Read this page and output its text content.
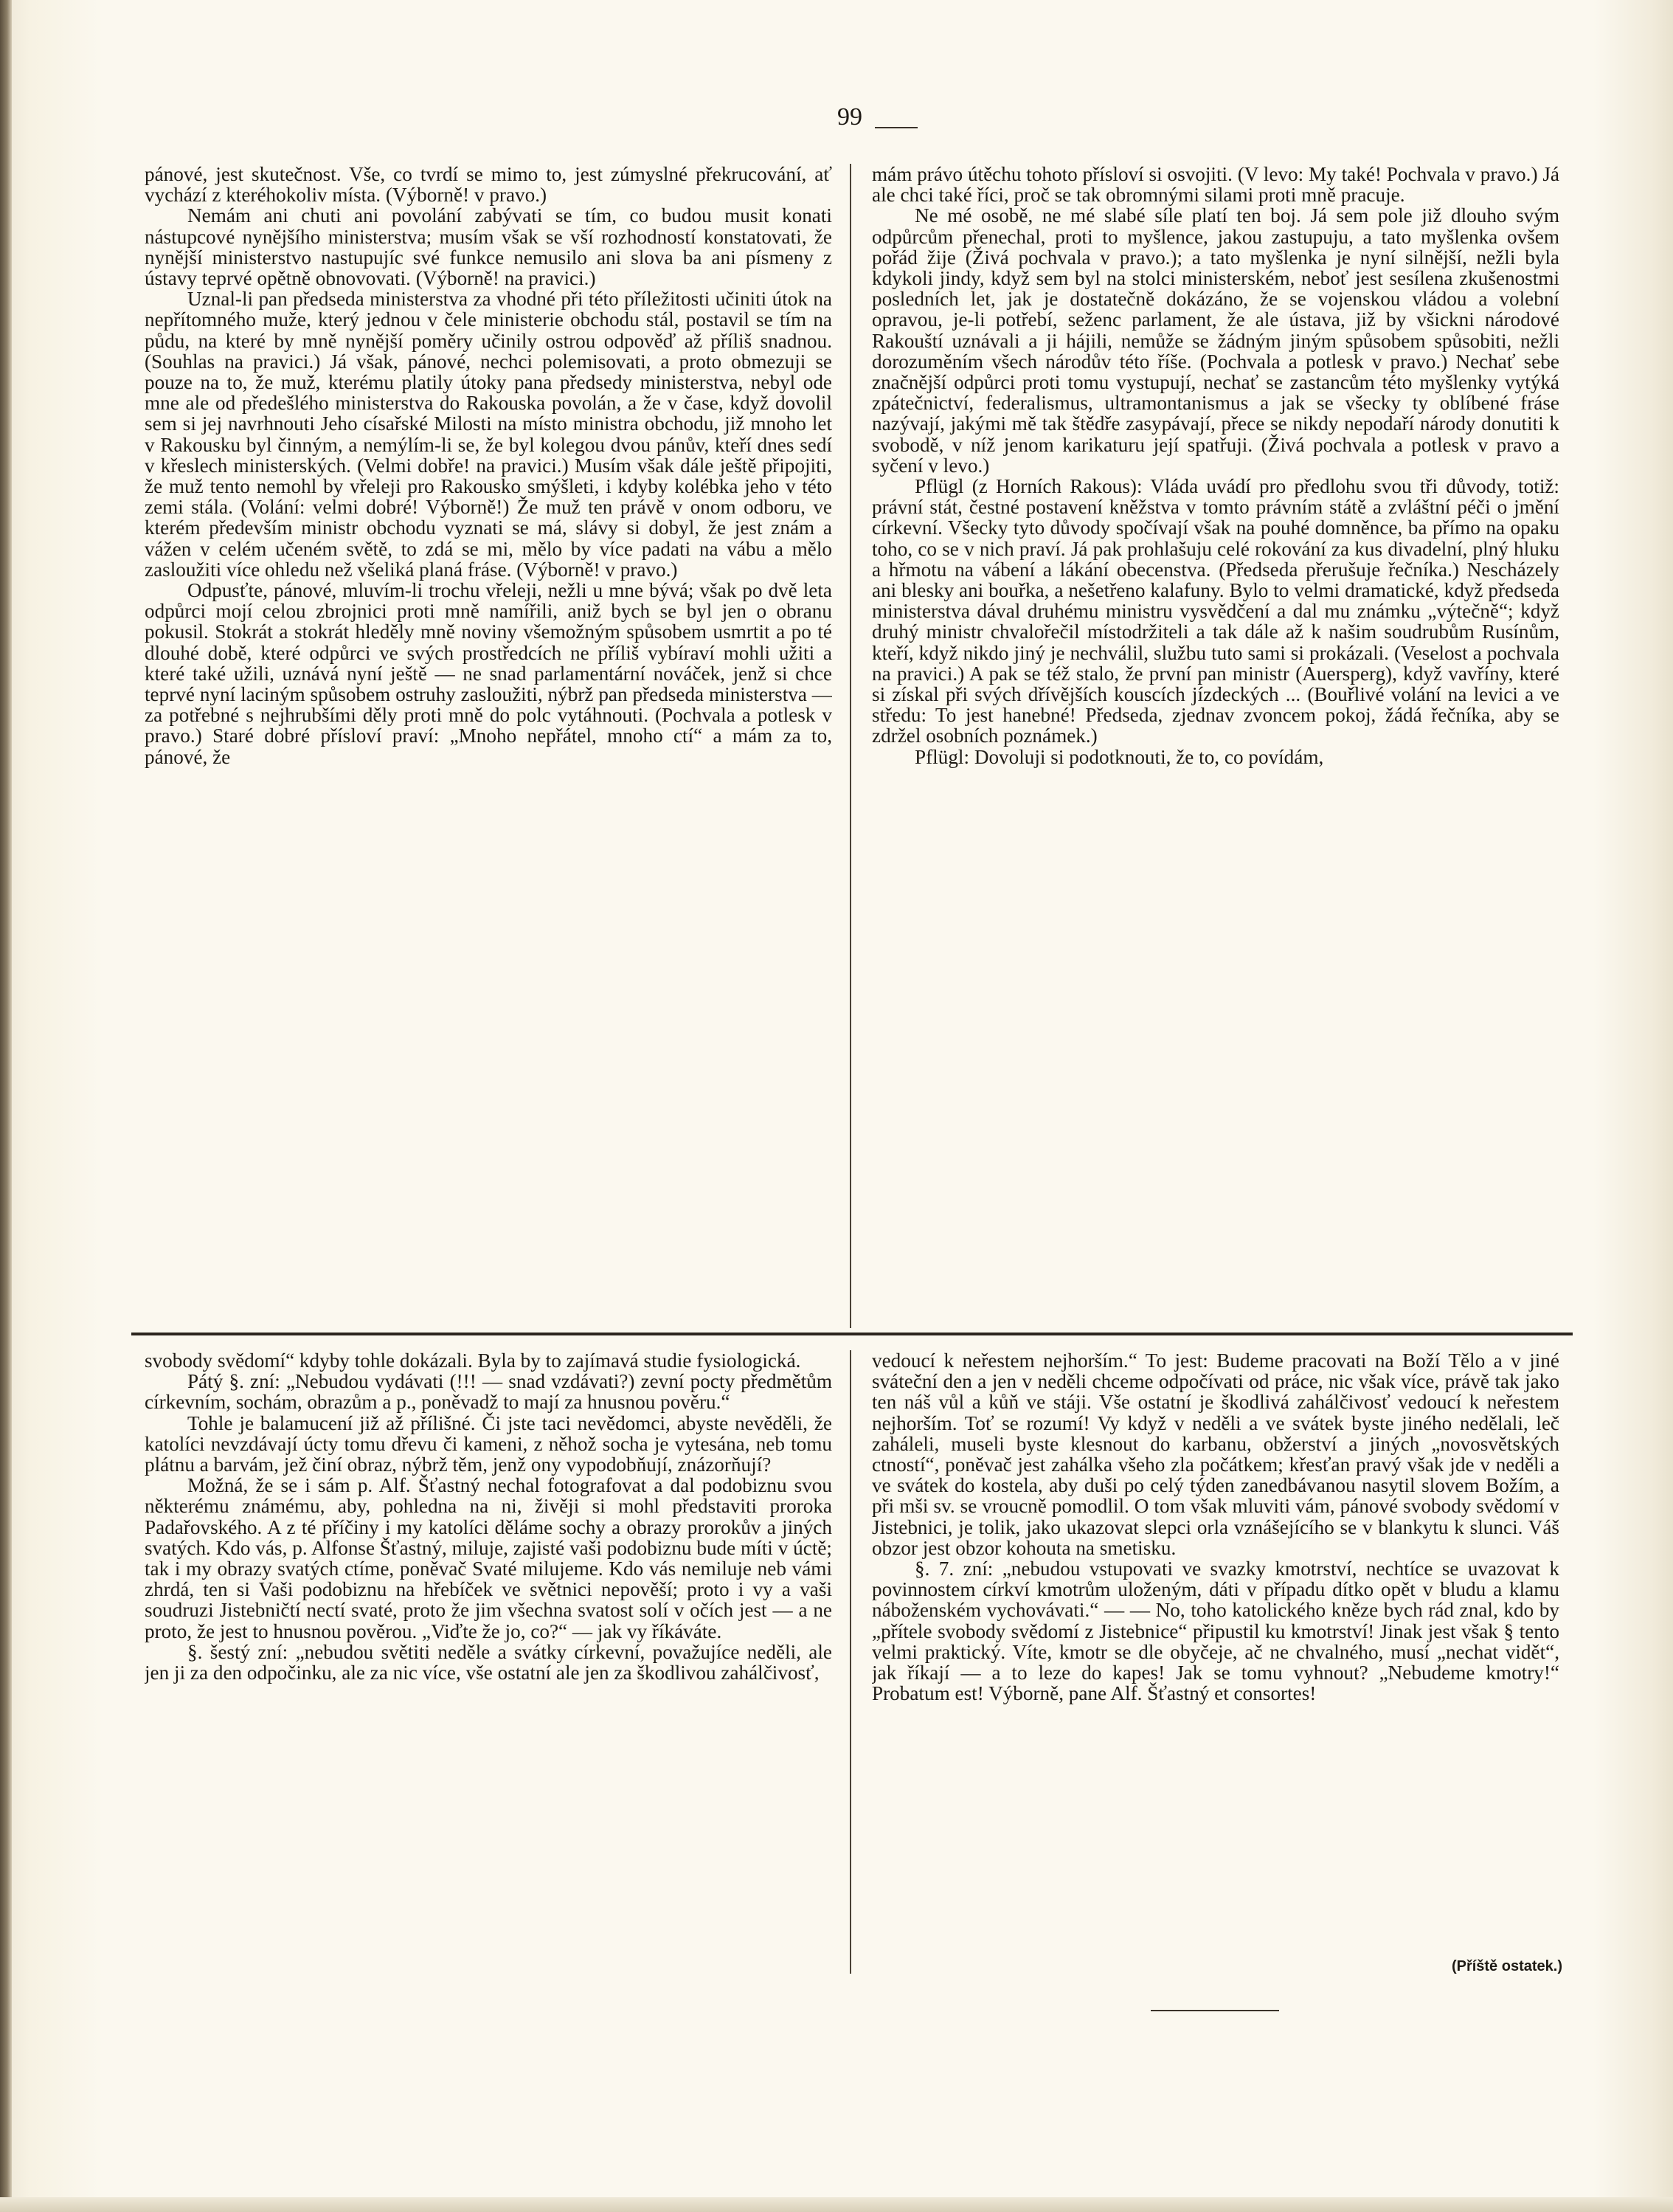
99

pánové, jest skutečnost. Vše, co tvrdí se mimo to, jest zúmyslné překrucování, ať vychází z kteréhokoliv místa. (Výborně! v pravo.)

Nemám ani chuti ani povolání zabývati se tím, co budou musit konati nástupcové nynějšího ministerstva; musím však se vší rozhodností konstatovati, že nynější ministerstvo nastupujíc své funkce nemusilo ani slova ba ani písmeny z ústavy teprvé opětně obnovovati. (Výborně! na pravici.)

Uznal-li pan předseda ministerstva za vhodné při této příležitosti učiniti útok na nepřítomného muže, který jednou v čele ministerie obchodu stál, postavil se tím na půdu, na které by mně nynější poměry učinily ostrou odpověď až příliš snadnou. (Souhlas na pravici.) Já však, pánové, nechci polemisovati, a proto obmezuji se pouze na to, že muž, kterému platily útoky pana předsedy ministerstva, nebyl ode mne ale od předešlého ministerstva do Rakouska povolán, a že v čase, když dovolil sem si jej navrhnouti Jeho císařské Milosti na místo ministra obchodu, již mnoho let v Rakousku byl činným, a nemýlím-li se, že byl kolegou dvou pánův, kteří dnes sedí v křeslech ministerských. (Velmi dobře! na pravici.) Musím však dále ještě připojiti, že muž tento nemohl by vřeleji pro Rakousko smýšleti, i kdyby kolébka jeho v této zemi stála. (Volání: velmi dobré! Výborně!) Že muž ten právě v onom odboru, ve kterém především ministr obchodu vyznati se má, slávy si dobyl, že jest znám a vážen v celém učeném světě, to zdá se mi, mělo by více padati na vábu a mělo zasloužiti více ohledu než všeliká planá fráse. (Výborně! v pravo.)

Odpusťte, pánové, mluvím-li trochu vřeleji, nežli u mne bývá; však po dvě leta odpůrci mojí celou zbrojnici proti mně namířili, aniž bych se byl jen o obranu pokusil. Stokrát a stokrát hleděly mně noviny všemožným spůsobem usmrtit a po té dlouhé době, které odpůrci ve svých prostředcích ne příliš vybíraví mohli užiti a které také užili, uznává nyní ještě — ne snad parlamentární nováček, jenž si chce teprvé nyní laciným spůsobem ostruhy zasloužiti, nýbrž pan předseda ministerstva — za potřebné s nejhrubšími děly proti mně do polc vytáhnouti. (Pochvala a potlesk v pravo.) Staré dobré přísloví praví: „Mnoho nepřátel, mnoho ctí“ a mám za to, pánové, že

mám právo útěchu tohoto přísloví si osvojiti. (V levo: My také! Pochvala v pravo.) Já ale chci také říci, proč se tak obromnými silami proti mně pracuje.

Ne mé osobě, ne mé slabé síle platí ten boj. Já sem pole již dlouho svým odpůrcům přenechal, proti to myšlence, jakou zastupuju, a tato myšlenka ovšem pořád žije (Živá pochvala v pravo.); a tato myšlenka je nyní silnější, nežli byla kdykoli jindy, když sem byl na stolci ministerském, neboť jest sesílena zkušenostmi posledních let, jak je dostatečně dokázáno, že se vojenskou vládou a volební opravou, je-li potřebí, seženc parlament, že ale ústava, již by všickni národové Rakouští uznávali a ji hájili, nemůže se žádným jiným spůsobem spůsobiti, nežli dorozuměním všech národův této říše. (Pochvala a potlesk v pravo.) Nechať sebe značnější odpůrci proti tomu vystupují, nechať se zastancům této myšlenky vytýká zpátečnictví, federalismus, ultramontanismus a jak se všecky ty oblíbené fráse nazývají, jakými mě tak štědře zasypávají, přece se nikdy nepodaří národy donutiti k svobodě, v níž jenom karikaturu její spatřuji. (Živá pochvala a potlesk v pravo a syčení v levo.)

Pflügl (z Horních Rakous): Vláda uvádí pro předlohu svou tři důvody, totiž: právní stát, čestné postavení kněžstva v tomto právním státě a zvláštní péči o jmění církevní. Všecky tyto důvody spočívají však na pouhé domněnce, ba přímo na opaku toho, co se v nich praví. Já pak prohlašuju celé rokování za kus divadelní, plný hluku a hřmotu na vábení a lákání obecenstva. (Předseda přerušuje řečníka.) Nescházely ani blesky ani bouřka, a nešetřeno kalafuny. Bylo to velmi dramatické, když předseda ministerstva dával druhému ministru vysvědčení a dal mu známku „výtečně“; když druhý ministr chvalořečil místodržiteli a tak dále až k našim soudrubům Rusínům, kteří, když nikdo jiný je nechválil, službu tuto sami si prokázali. (Veselost a pochvala na pravici.) A pak se též stalo, že první pan ministr (Auersperg), když vavříny, které si získal při svých dřívějších kouscích jízdeckých ... (Bouřlivé volání na levici a ve středu: To jest hanebné! Předseda, zjednav zvoncem pokoj, žádá řečníka, aby se zdržel osobních poznámek.)

Pflügl: Dovoluji si podotknouti, že to, co povídám,

svobody svědomí“ kdyby tohle dokázali. Byla by to zajímavá studie fysiologická.

Pátý §. zní: „Nebudou vydávati (!!! — snad vzdávati?) zevní pocty předmětům církevním, sochám, obrazům a p., poněvadž to mají za hnusnou pověru.“

Tohle je balamucení již až přílišné. Či jste taci nevědomci, abyste nevěděli, že katolíci nevzdávají úcty tomu dřevu či kameni, z něhož socha je vytesána, neb tomu plátnu a barvám, jež činí obraz, nýbrž těm, jenž ony vypodobňují, znázorňují?

Možná, že se i sám p. Alf. Šťastný nechal fotografovat a dal podobiznu svou některému známému, aby, pohledna na ni, živěji si mohl představiti proroka Padařovského. A z té příčiny i my katolíci děláme sochy a obrazy prorokův a jiných svatých. Kdo vás, p. Alfonse Šťastný, miluje, zajisté vaši podobiznu bude míti v úctě; tak i my obrazy svatých ctíme, poněvač Svaté milujeme. Kdo vás nemiluje neb vámi zhrdá, ten si Vaši podobiznu na hřebíček ve světnici nepověší; proto i vy a vaši soudruzi Jistebničtí nectí svaté, proto že jim všechna svatost solí v očích jest — a ne proto, že jest to hnusnou pověrou. „Viďte že jo, co?“ — jak vy říkáváte.

§. šestý zní: „nebudou světiti neděle a svátky církevní, považujíce neděli, ale jen ji za den odpočinku, ale za nic více, vše ostatní ale jen za škodlivou zahálčivosť,

vedoucí k neřestem nejhorším.“ To jest: Budeme pracovati na Boží Tělo a v jiné sváteční den a jen v neděli chceme odpočívati od práce, nic však více, právě tak jako ten náš vůl a kůň ve stáji. Vše ostatní je škodlivá zahálčivosť vedoucí k neřestem nejhorším. Toť se rozumí! Vy když v neděli a ve svátek byste jiného nedělali, leč zaháleli, museli byste klesnout do karbanu, obžerství a jiných „novosvětských ctností“, poněvač jest zahálka všeho zla počátkem; křesťan pravý však jde v neděli a ve svátek do kostela, aby duši po celý týden zanedbávanou nasytil slovem Božím, a při mši sv. se vroucně pomodlil. O tom však mluviti vám, pánové svobody svědomí v Jistebnici, je tolik, jako ukazovat slepci orla vznášejícího se v blankytu k slunci. Váš obzor jest obzor kohouta na smetisku.

§. 7. zní: „nebudou vstupovati ve svazky kmotrství, nechtíce se uvazovat k povinnostem církví kmotrům uloženým, dáti v případu dítko opět v bludu a klamu náboženském vychovávati.“ — — No, toho katolického kněze bych rád znal, kdo by „přítele svobody svědomí z Jistebnice“ připustil ku kmotrství! Jinak jest však § tento velmi praktický. Víte, kmotr se dle obyčeje, ač ne chvalného, musí „nechat vidět“, jak říkají — a to leze do kapes! Jak se tomu vyhnout? „Nebudeme kmotry!“ Probatum est! Výborně, pane Alf. Šťastný et consortes!

(Příště ostatek.)
